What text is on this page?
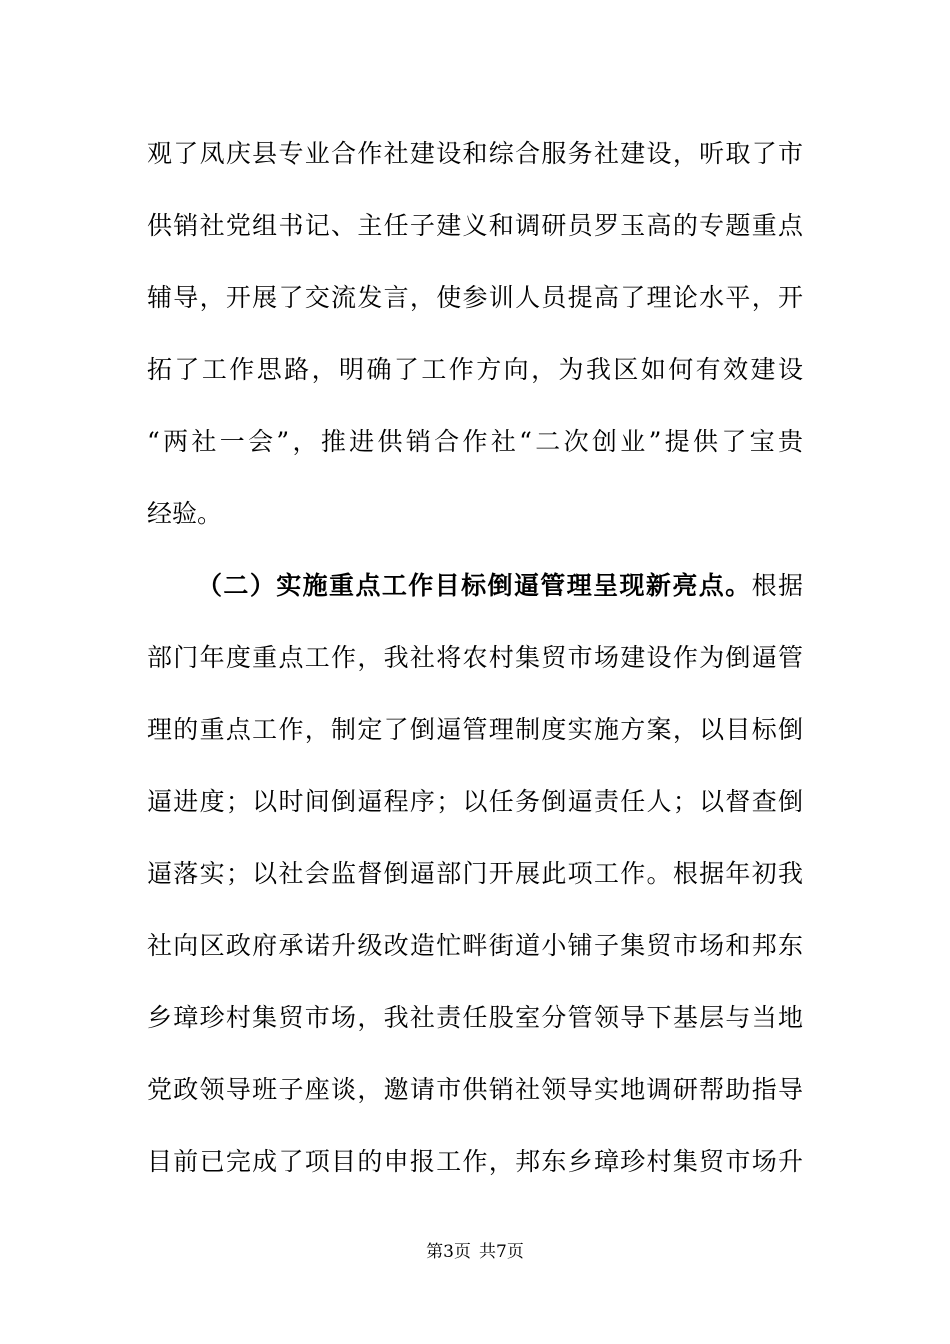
观了凤庆县专业合作社建设和综合服务社建设，听取了市
供销社党组书记、主任子建义和调研员罗玉高的专题重点
辅导，开展了交流发言，使参训人员提高了理论水平，开
拓了工作思路，明确了工作方向，为我区如何有效建设
“两社一会”，推进供销合作社“二次创业”提供了宝贵
经验。
（二）实施重点工作目标倒逼管理呈现新亮点。根据
部门年度重点工作，我社将农村集贸市场建设作为倒逼管
理的重点工作，制定了倒逼管理制度实施方案，以目标倒
逼进度；以时间倒逼程序；以任务倒逼责任人；以督查倒
逼落实；以社会监督倒逼部门开展此项工作。根据年初我
社向区政府承诺升级改造忙畔街道小铺子集贸市场和邦东
乡璋珍村集贸市场，我社责任股室分管领导下基层与当地
党政领导班子座谈，邀请市供销社领导实地调研帮助指导
目前已完成了项目的申报工作，邦东乡璋珍村集贸市场升
第3页 共7页
